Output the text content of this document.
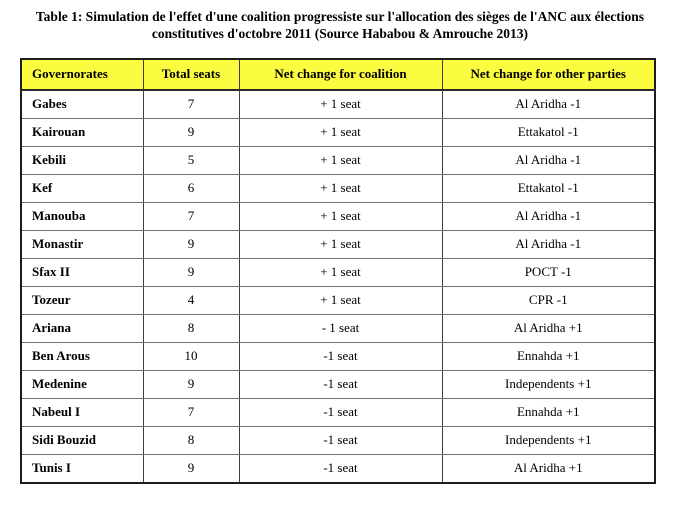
Table 1: Simulation de l'effet d'une coalition progressiste sur l'allocation des sièges de l'ANC aux élections
constitutives d'octobre 2011 (Source Hababou & Amrouche 2013)
Governorates	Total seats	Net change for coalition	Net change for other parties
Gabes	7	+ 1 seat	Al Aridha -1
Kairouan	9	+ 1 seat	Ettakatol -1
Kebili	5	+ 1 seat	Al Aridha -1
Kef	6	+ 1 seat	Ettakatol -1
Manouba	7	+ 1 seat	Al Aridha -1
Monastir	9	+ 1 seat	Al Aridha -1
Sfax II	9	+ 1 seat	POCT -1
Tozeur	4	+ 1 seat	CPR -1
Ariana	8	- 1 seat	Al Aridha +1
Ben Arous	10	-1 seat	Ennahda +1
Medenine	9	-1 seat	Independents +1
Nabeul I	7	-1 seat	Ennahda +1
Sidi Bouzid	8	-1 seat	Independents +1
Tunis I	9	-1 seat	Al Aridha +1
